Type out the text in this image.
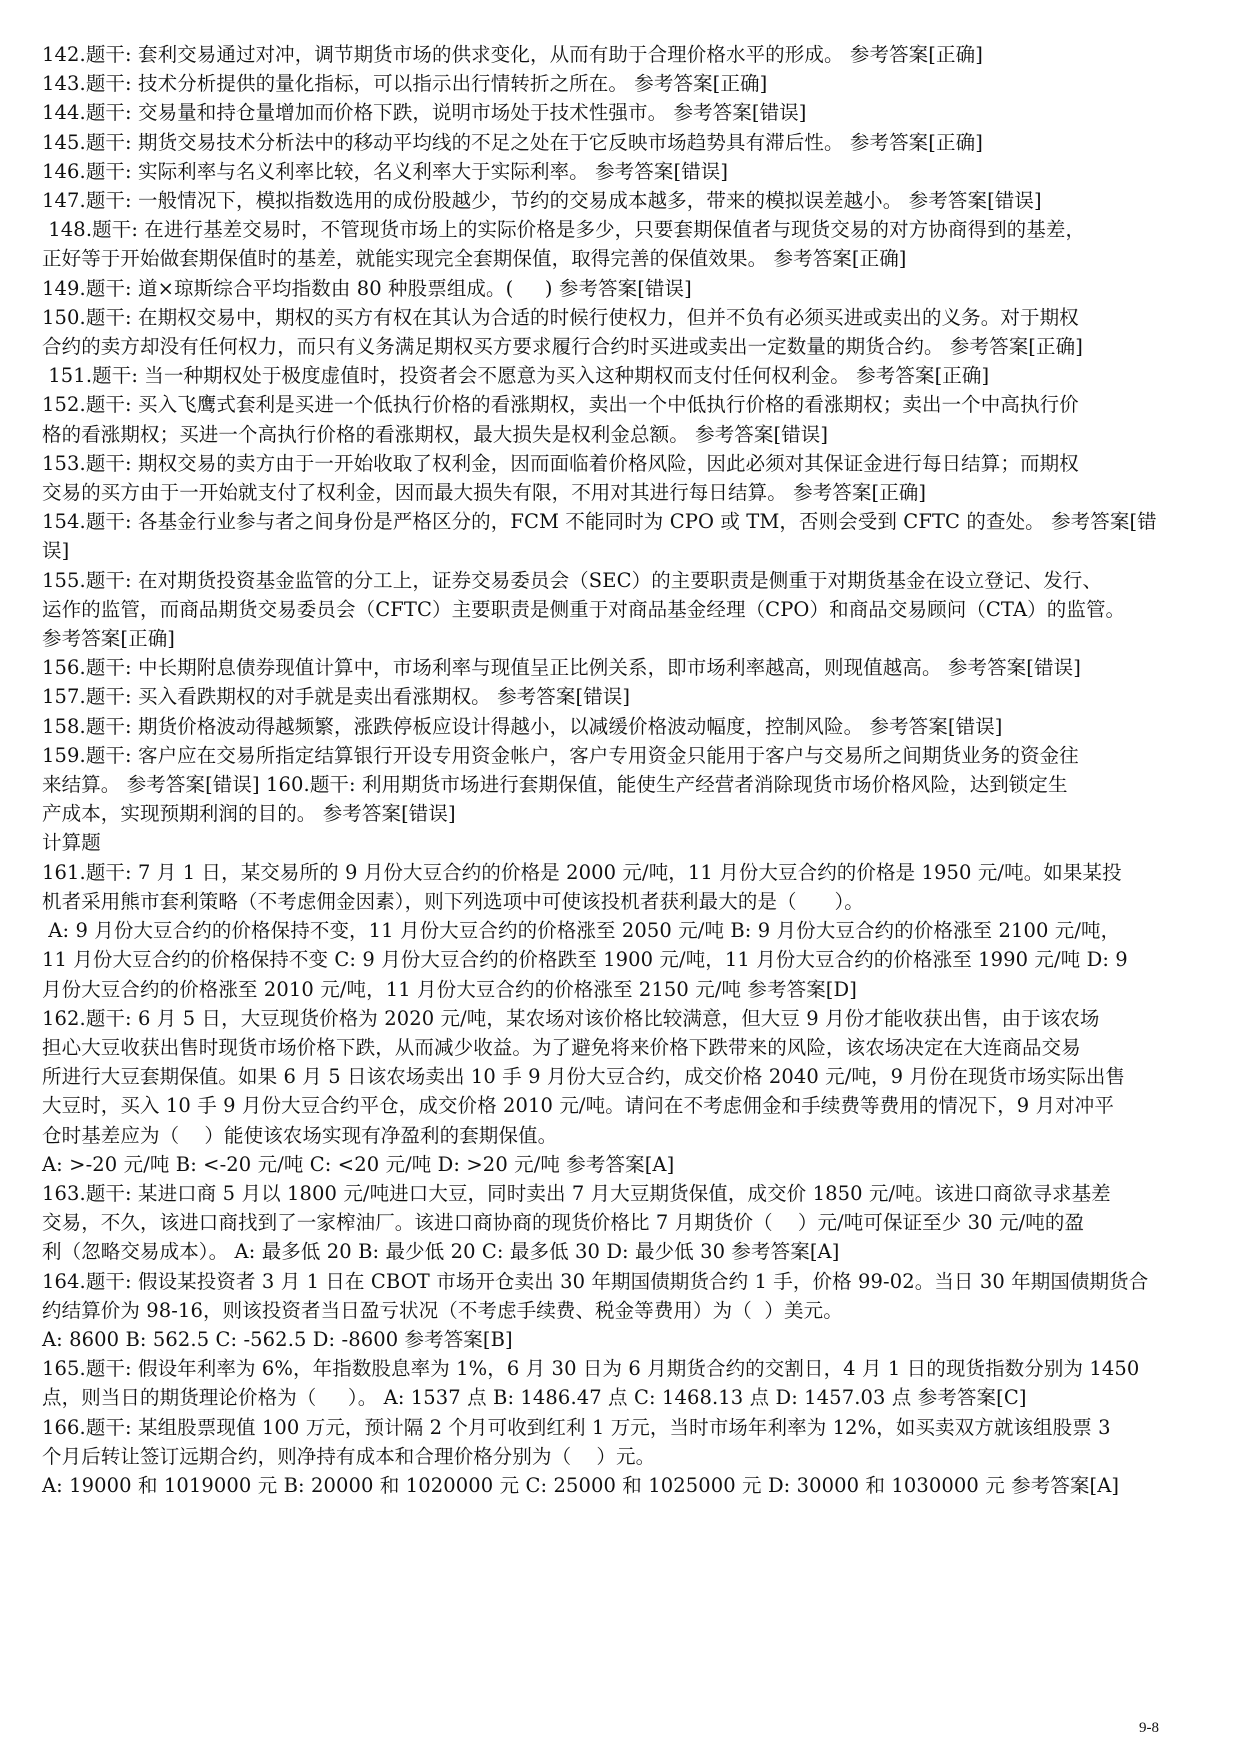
142.题干: 套利交易通过对冲，调节期货市场的供求变化，从而有助于合理价格水平的形成。 参考答案[正确]
143.题干: 技术分析提供的量化指标，可以指示出行情转折之所在。 参考答案[正确]
144.题干: 交易量和持仓量增加而价格下跌，说明市场处于技术性强市。 参考答案[错误]
145.题干: 期货交易技术分析法中的移动平均线的不足之处在于它反映市场趋势具有滞后性。 参考答案[正确]
146.题干: 实际利率与名义利率比较，名义利率大于实际利率。 参考答案[错误]
147.题干: 一般情况下，模拟指数选用的成份股越少，节约的交易成本越多，带来的模拟误差越小。 参考答案[错误]
148.题干: 在进行基差交易时，不管现货市场上的实际价格是多少，只要套期保值者与现货交易的对方协商得到的基差，
正好等于开始做套期保值时的基差，就能实现完全套期保值，取得完善的保值效果。 参考答案[正确]
149.题干: 道×琼斯综合平均指数由 80 种股票组成。(     ) 参考答案[错误]
150.题干: 在期权交易中，期权的买方有权在其认为合适的时候行使权力，但并不负有必须买进或卖出的义务。对于期权
合约的卖方却没有任何权力，而只有义务满足期权买方要求履行合约时买进或卖出一定数量的期货合约。 参考答案[正确]
151.题干: 当一种期权处于极度虚值时，投资者会不愿意为买入这种期权而支付任何权利金。 参考答案[正确]
152.题干: 买入飞鹰式套利是买进一个低执行价格的看涨期权，卖出一个中低执行价格的看涨期权；卖出一个中高执行价
格的看涨期权；买进一个高执行价格的看涨期权，最大损失是权利金总额。 参考答案[错误]
153.题干: 期权交易的卖方由于一开始收取了权利金，因而面临着价格风险，因此必须对其保证金进行每日结算；而期权
交易的买方由于一开始就支付了权利金，因而最大损失有限，不用对其进行每日结算。 参考答案[正确]
154.题干: 各基金行业参与者之间身份是严格区分的，FCM 不能同时为 CPO 或 TM，否则会受到 CFTC 的查处。 参考答案[错
误]
155.题干: 在对期货投资基金监管的分工上，证券交易委员会（SEC）的主要职责是侧重于对期货基金在设立登记、发行、
运作的监管，而商品期货交易委员会（CFTC）主要职责是侧重于对商品基金经理（CPO）和商品交易顾问（CTA）的监管。
参考答案[正确]
156.题干: 中长期附息债券现值计算中，市场利率与现值呈正比例关系，即市场利率越高，则现值越高。 参考答案[错误]
157.题干: 买入看跌期权的对手就是卖出看涨期权。 参考答案[错误]
158.题干: 期货价格波动得越频繁，涨跌停板应设计得越小，以减缓价格波动幅度，控制风险。 参考答案[错误]
159.题干: 客户应在交易所指定结算银行开设专用资金帐户，客户专用资金只能用于客户与交易所之间期货业务的资金往
来结算。 参考答案[错误] 160.题干: 利用期货市场进行套期保值，能使生产经营者消除现货市场价格风险，达到锁定生
产成本，实现预期利润的目的。 参考答案[错误]
计算题
161.题干: 7 月 1 日，某交易所的 9 月份大豆合约的价格是 2000 元/吨，11 月份大豆合约的价格是 1950 元/吨。如果某投
机者采用熊市套利策略（不考虑佣金因素），则下列选项中可使该投机者获利最大的是（      ）。
A: 9 月份大豆合约的价格保持不变，11 月份大豆合约的价格涨至 2050 元/吨 B: 9 月份大豆合约的价格涨至 2100 元/吨，
11 月份大豆合约的价格保持不变 C: 9 月份大豆合约的价格跌至 1900 元/吨，11 月份大豆合约的价格涨至 1990 元/吨 D: 9
月份大豆合约的价格涨至 2010 元/吨，11 月份大豆合约的价格涨至 2150 元/吨 参考答案[D]
162.题干: 6 月 5 日，大豆现货价格为 2020 元/吨，某农场对该价格比较满意，但大豆 9 月份才能收获出售，由于该农场
担心大豆收获出售时现货市场价格下跌，从而减少收益。为了避免将来价格下跌带来的风险，该农场决定在大连商品交易
所进行大豆套期保值。如果 6 月 5 日该农场卖出 10 手 9 月份大豆合约，成交价格 2040 元/吨，9 月份在现货市场实际出售
大豆时，买入 10 手 9 月份大豆合约平仓，成交价格 2010 元/吨。请问在不考虑佣金和手续费等费用的情况下，9 月对冲平
仓时基差应为（    ）能使该农场实现有净盈利的套期保值。
A: >-20 元/吨 B: <-20 元/吨 C: <20 元/吨 D: >20 元/吨 参考答案[A]
163.题干: 某进口商 5 月以 1800 元/吨进口大豆，同时卖出 7 月大豆期货保值，成交价 1850 元/吨。该进口商欲寻求基差
交易，不久，该进口商找到了一家榨油厂。该进口商协商的现货价格比 7 月期货价（    ）元/吨可保证至少 30 元/吨的盈
利（忽略交易成本）。 A: 最多低 20 B: 最少低 20 C: 最多低 30 D: 最少低 30 参考答案[A]
164.题干: 假设某投资者 3 月 1 日在 CBOT 市场开仓卖出 30 年期国债期货合约 1 手，价格 99-02。当日 30 年期国债期货合
约结算价为 98-16，则该投资者当日盈亏状况（不考虑手续费、税金等费用）为（  ）美元。
A: 8600 B: 562.5 C: -562.5 D: -8600 参考答案[B]
165.题干: 假设年利率为 6%，年指数股息率为 1%，6 月 30 日为 6 月期货合约的交割日，4 月 1 日的现货指数分别为 1450
点，则当日的期货理论价格为（     ）。 A: 1537 点 B: 1486.47 点 C: 1468.13 点 D: 1457.03 点 参考答案[C]
166.题干: 某组股票现值 100 万元，预计隔 2 个月可收到红利 1 万元，当时市场年利率为 12%，如买卖双方就该组股票 3
个月后转让签订远期合约，则净持有成本和合理价格分别为（    ）元。
A: 19000 和 1019000 元 B: 20000 和 1020000 元 C: 25000 和 1025000 元 D: 30000 和 1030000 元 参考答案[A]
9-8
